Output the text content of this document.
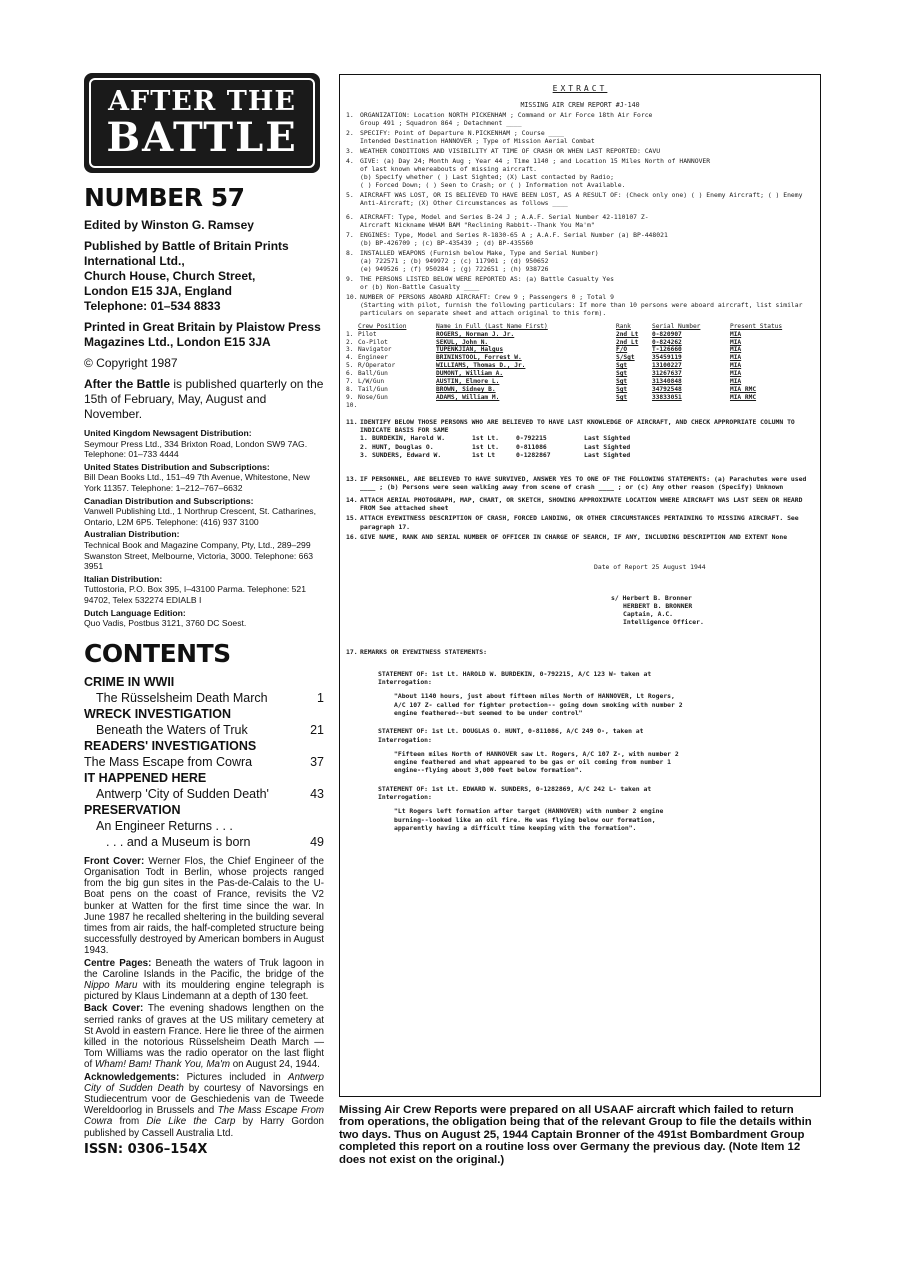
AFTER THE
BATTLE
NUMBER 57

Edited by Winston G. Ramsey

Published by Battle of Britain Prints International Ltd.,
Church House, Church Street,
London E15 3JA, England
Telephone: 01–534 8833

Printed in Great Britain by Plaistow Press Magazines Ltd., London E15 3JA

© Copyright 1987

After the Battle is published quarterly on the 15th of February, May, August and November.

United Kingdom Newsagent Distribution:
Seymour Press Ltd., 334 Brixton Road, London SW9 7AG. Telephone: 01–733 4444
United States Distribution and Subscriptions:
Bill Dean Books Ltd., 151–49 7th Avenue, Whitestone, New York 11357. Telephone: 1–212–767–6632
Canadian Distribution and Subscriptions:
Vanwell Publishing Ltd., 1 Northrup Crescent, St. Catharines, Ontario, L2M 6P5. Telephone: (416) 937 3100
Australian Distribution:
Technical Book and Magazine Company, Pty, Ltd., 289–299 Swanston Street, Melbourne, Victoria, 3000. Telephone: 663 3951
Italian Distribution:
Tuttostoria, P.O. Box 395, I–43100 Parma. Telephone: 521 94702, Telex 532274 EDIALB I
Dutch Language Edition:
Quo Vadis, Postbus 3121, 3760 DC Soest.
CONTENTS
CRIME IN WWII
The Rüsselsheim Death March	1
WRECK INVESTIGATION
Beneath the Waters of Truk	21
READERS' INVESTIGATIONS
The Mass Escape from Cowra	37
IT HAPPENED HERE
Antwerp 'City of Sudden Death'	43
PRESERVATION
An Engineer Returns . . .
. . . and a Museum is born	49

Front Cover: Werner Flos, the Chief Engineer of the Organisation Todt in Berlin, whose projects ranged from the big gun sites in the Pas-de-Calais to the U-Boat pens on the coast of France, revisits the V2 bunker at Watten for the first time since the war. In June 1987 he recalled sheltering in the building several times from air raids, the half-completed structure being successfully destroyed by American bombers in August 1943.

Centre Pages: Beneath the waters of Truk lagoon in the Caroline Islands in the Pacific, the bridge of the Nippo Maru with its mouldering engine telegraph is pictured by Klaus Lindemann at a depth of 130 feet.

Back Cover: The evening shadows lengthen on the serried ranks of graves at the US military cemetery at St Avold in eastern France. Here lie three of the airmen killed in the notorious Rüsselsheim Death March — Tom Williams was the radio operator on the last flight of Wham! Bam! Thank You, Ma'm on August 24, 1944.

Acknowledgements: Pictures included in Antwerp City of Sudden Death by courtesy of Navorsings en Studiecentrum voor de Geschiedenis van de Tweede Wereldoorlog in Brussels and The Mass Escape From Cowra from Die Like the Carp by Harry Gordon published by Cassell Australia Ltd.

ISSN: 0306–154X
EXTRACT
MISSING AIR CREW REPORT #J-140
1. ORGANIZATION: Location NORTH PICKENHAM ; Command or Air Force 18th Air Force
Group 491 ; Squadron 864 ; Detachment ____
2. SPECIFY: Point of Departure N.PICKENHAM ; Course ____
Intended Destination HANNOVER ; Type of Mission Aerial Combat
3. WEATHER CONDITIONS AND VISIBILITY AT TIME OF CRASH OR WHEN LAST REPORTED: CAVU
4. GIVE: (a) Day 24; Month Aug ; Year 44 ; Time 1140 ; and Location 15 Miles North of HANNOVER
of last known whereabouts of missing aircraft.
(b) Specify whether ( ) Last Sighted; (X) Last contacted by Radio;
( ) Forced Down; ( ) Seen to Crash; or ( ) Information not Available.
5. AIRCRAFT WAS LOST, OR IS BELIEVED TO HAVE BEEN LOST, AS A RESULT OF: (Check only one) ( ) Enemy Aircraft; ( ) Enemy Anti-Aircraft; (X) Other Circumstances as follows ____
6. AIRCRAFT: Type, Model and Series B-24 J ; A.A.F. Serial Number 42-110107 Z-
Aircraft Nickname WHAM BAM "Reclining Rabbit--Thank You Ma'm"
7. ENGINES: Type, Model and Series R-1830-65 A ; A.A.F. Serial Number (a) BP-448021
(b) BP-426709 ; (c) BP-435439 ; (d) BP-435560
8. INSTALLED WEAPONS (Furnish below Make, Type and Serial Number)
(a) 722571 ; (b) 949972 ; (c) 117901 ; (d) 950652
(e) 949526 ; (f) 950284 ; (g) 722651 ; (h) 938726
9. THE PERSONS LISTED BELOW WERE REPORTED AS: (a) Battle Casualty Yes
or (b) Non-Battle Casualty ____
10. NUMBER OF PERSONS ABOARD AIRCRAFT: Crew 9 ; Passengers 0 ; Total 9
(Starting with pilot, furnish the following particulars: If more than 10 persons were aboard aircraft, list similar particulars on separate sheet and attach original to this form).
	Crew Position	Name in Full (Last Name First)	Rank	Serial Number	Present Status
1.	Pilot	ROGERS, Norman J. Jr.	2nd Lt	0-820907	MIA
2.	Co-Pilot	SEKUL, John N.	2nd Lt	0-824262	MIA
3.	Navigator	TUPENKJIAN, Halgus	F/O	T-126660	MIA
4.	Engineer	BRININSTOOL, Forrest W.	S/Sgt	35459119	MIA
5.	R/Operator	WILLIAMS, Thomas D., Jr.	Sgt	13100227	MIA
6.	Ball/Gun	DUMONT, William A.	Sgt	31267637	MIA
7.	L/W/Gun	AUSTIN, Elmore L.	Sgt	31340848	MIA
8.	Tail/Gun	BROWN, Sidney B.	Sgt	34792548	MIA RMC
9.	Nose/Gun	ADAMS, William M.	Sgt	33833051	MIA RMC
10.					
11. IDENTIFY BELOW THOSE PERSONS WHO ARE BELIEVED TO HAVE LAST KNOWLEDGE OF AIRCRAFT, AND CHECK APPROPRIATE COLUMN TO INDICATE BASIS FOR SAME
1.	BURDEKIN, Harold W.	1st Lt.	0-792215	Last Sighted
2.	HUNT, Douglas O.	1st Lt.	0-811086	Last Sighted
3.	SUNDERS, Edward W.	1st Lt	0-1282867	Last Sighted
13. IF PERSONNEL, ARE BELIEVED TO HAVE SURVIVED, ANSWER YES TO ONE OF THE FOLLOWING STATEMENTS: (a) Parachutes were used ____ ; (b) Persons were seen walking away from scene of crash ____ ; or (c) Any other reason (Specify) Unknown
14. ATTACH AERIAL PHOTOGRAPH, MAP, CHART, OR SKETCH, SHOWING APPROXIMATE LOCATION WHERE AIRCRAFT WAS LAST SEEN OR HEARD FROM See attached sheet
15. ATTACH EYEWITNESS DESCRIPTION OF CRASH, FORCED LANDING, OR OTHER CIRCUMSTANCES PERTAINING TO MISSING AIRCRAFT. See paragraph 17.
16. GIVE NAME, RANK AND SERIAL NUMBER OF OFFICER IN CHARGE OF SEARCH, IF ANY, INCLUDING DESCRIPTION AND EXTENT None
Date of Report 25 August 1944
s/ Herbert B. Bronner
HERBERT B. BRONNER
Captain, A.C.
Intelligence Officer.
17. REMARKS OR EYEWITNESS STATEMENTS:
STATEMENT OF: 1st Lt. HAROLD W. BURDEKIN, 0-792215, A/C 123 W- taken at Interrogation:
"About 1140 hours, just about fifteen miles North of HANNOVER, Lt Rogers, A/C 107 Z- called for fighter protection-- going down smoking with number 2 engine feathered--but seemed to be under control"
STATEMENT OF: 1st Lt. DOUGLAS O. HUNT, 0-811086, A/C 249 O-, taken at Interrogation:
"Fifteen miles North of HANNOVER saw Lt. Rogers, A/C 107 Z-, with number 2 engine feathered and what appeared to be gas or oil coming from number 1 engine--flying about 3,000 feet below formation".
STATEMENT OF: 1st Lt. EDWARD W. SUNDERS, 0-1282869, A/C 242 L- taken at Interrogation:
"Lt Rogers left formation after target (HANNOVER) with number 2 engine burning--looked like an oil fire. He was flying below our formation, apparently having a difficult time keeping with the formation".
Missing Air Crew Reports were prepared on all USAAF aircraft which failed to return from operations, the obligation being that of the relevant Group to file the details within two days. Thus on August 25, 1944 Captain Bronner of the 491st Bombardment Group completed this report on a routine loss over Germany the previous day. (Note Item 12 does not exist on the original.)
